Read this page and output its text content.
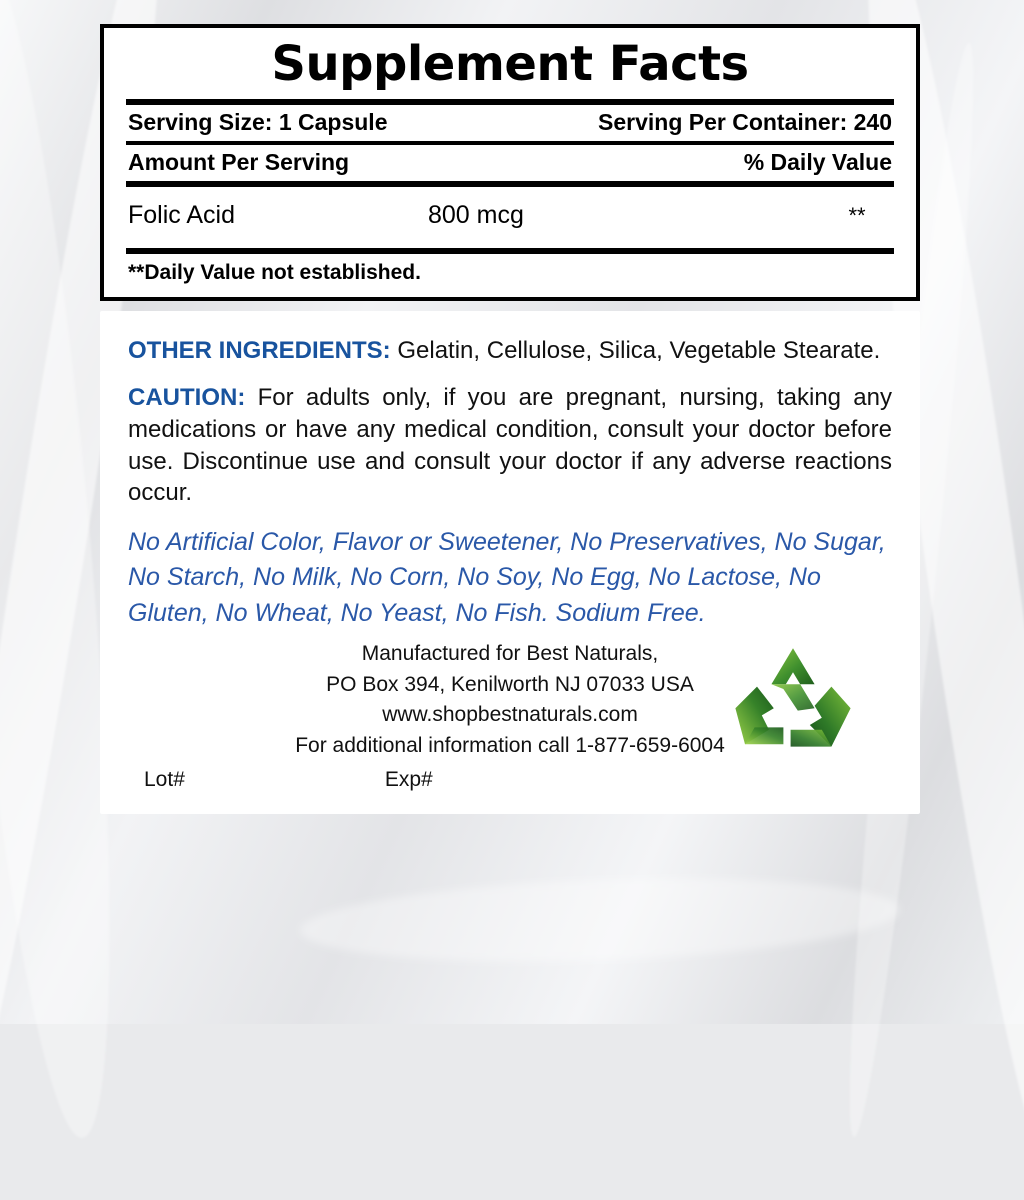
Supplement Facts
Serving Size: 1 Capsule	Serving Per Container: 240
Amount Per Serving	% Daily Value
Folic Acid	800 mcg	**
**Daily Value not established.

OTHER INGREDIENTS: Gelatin, Cellulose, Silica, Vegetable Stearate.

CAUTION: For adults only, if you are pregnant, nursing, taking any medications or have any medical condition, consult your doctor before use. Discontinue use and consult your doctor if any adverse reactions occur.

No Artificial Color, Flavor or Sweetener, No Preservatives, No Sugar, No Starch, No Milk, No Corn, No Soy, No Egg, No Lactose, No Gluten, No Wheat, No Yeast, No Fish. Sodium Free.

Manufactured for Best Naturals,
PO Box 394, Kenilworth NJ 07033 USA
www.shopbestnaturals.com
For additional information call 1-877-659-6004
Lot#	Exp#
